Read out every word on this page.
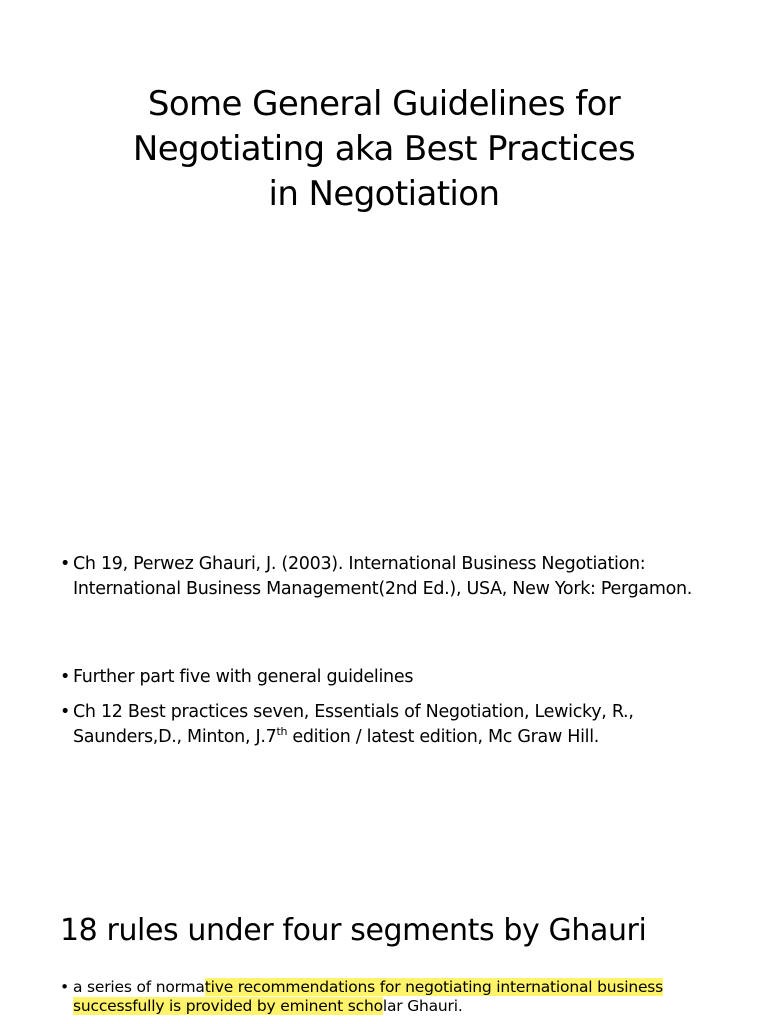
Some General Guidelines for
Negotiating aka Best Practices
in Negotiation
• Ch 19, Perwez Ghauri, J. (2003). International Business Negotiation: International Business Management(2nd Ed.), USA, New York: Pergamon.
• Further part five with general guidelines
• Ch 12 Best practices seven, Essentials of Negotiation, Lewicky, R., Saunders,D., Minton, J.7th edition / latest edition, Mc Graw Hill.
18 rules under four segments by Ghauri
• a series of normative recommendations for negotiating international business successfully is provided by eminent scholar Ghauri.
